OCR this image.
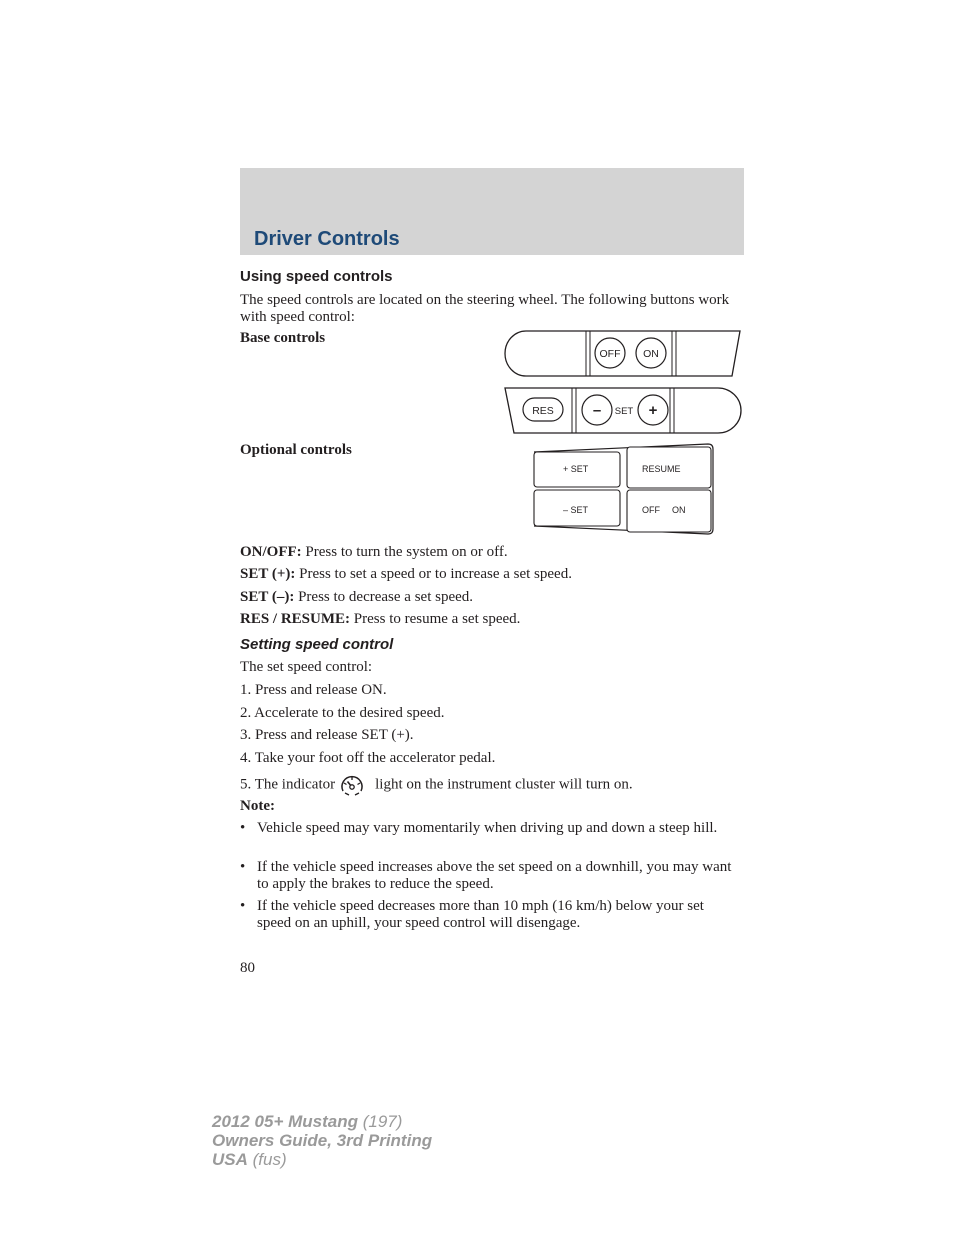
Driver Controls
Using speed controls
The speed controls are located on the steering wheel. The following buttons work with speed control:
Base controls
OFF ON
RES	– SET +
Optional controls
+ SET	RESUME
– SET	OFF ON
ON/OFF: Press to turn the system on or off.
SET (+): Press to set a speed or to increase a set speed.
SET (–): Press to decrease a set speed.
RES / RESUME: Press to resume a set speed.
Setting speed control
The set speed control:
1. Press and release ON.
2. Accelerate to the desired speed.
3. Press and release SET (+).
4. Take your foot off the accelerator pedal.
5. The indicator	light on the instrument cluster will turn on.
Note:
• Vehicle speed may vary momentarily when driving up and down a steep hill.
• If the vehicle speed increases above the set speed on a downhill, you may want to apply the brakes to reduce the speed.
• If the vehicle speed decreases more than 10 mph (16 km/h) below your set speed on an uphill, your speed control will disengage.
80
2012 05+ Mustang (197)
Owners Guide, 3rd Printing
USA (fus)
